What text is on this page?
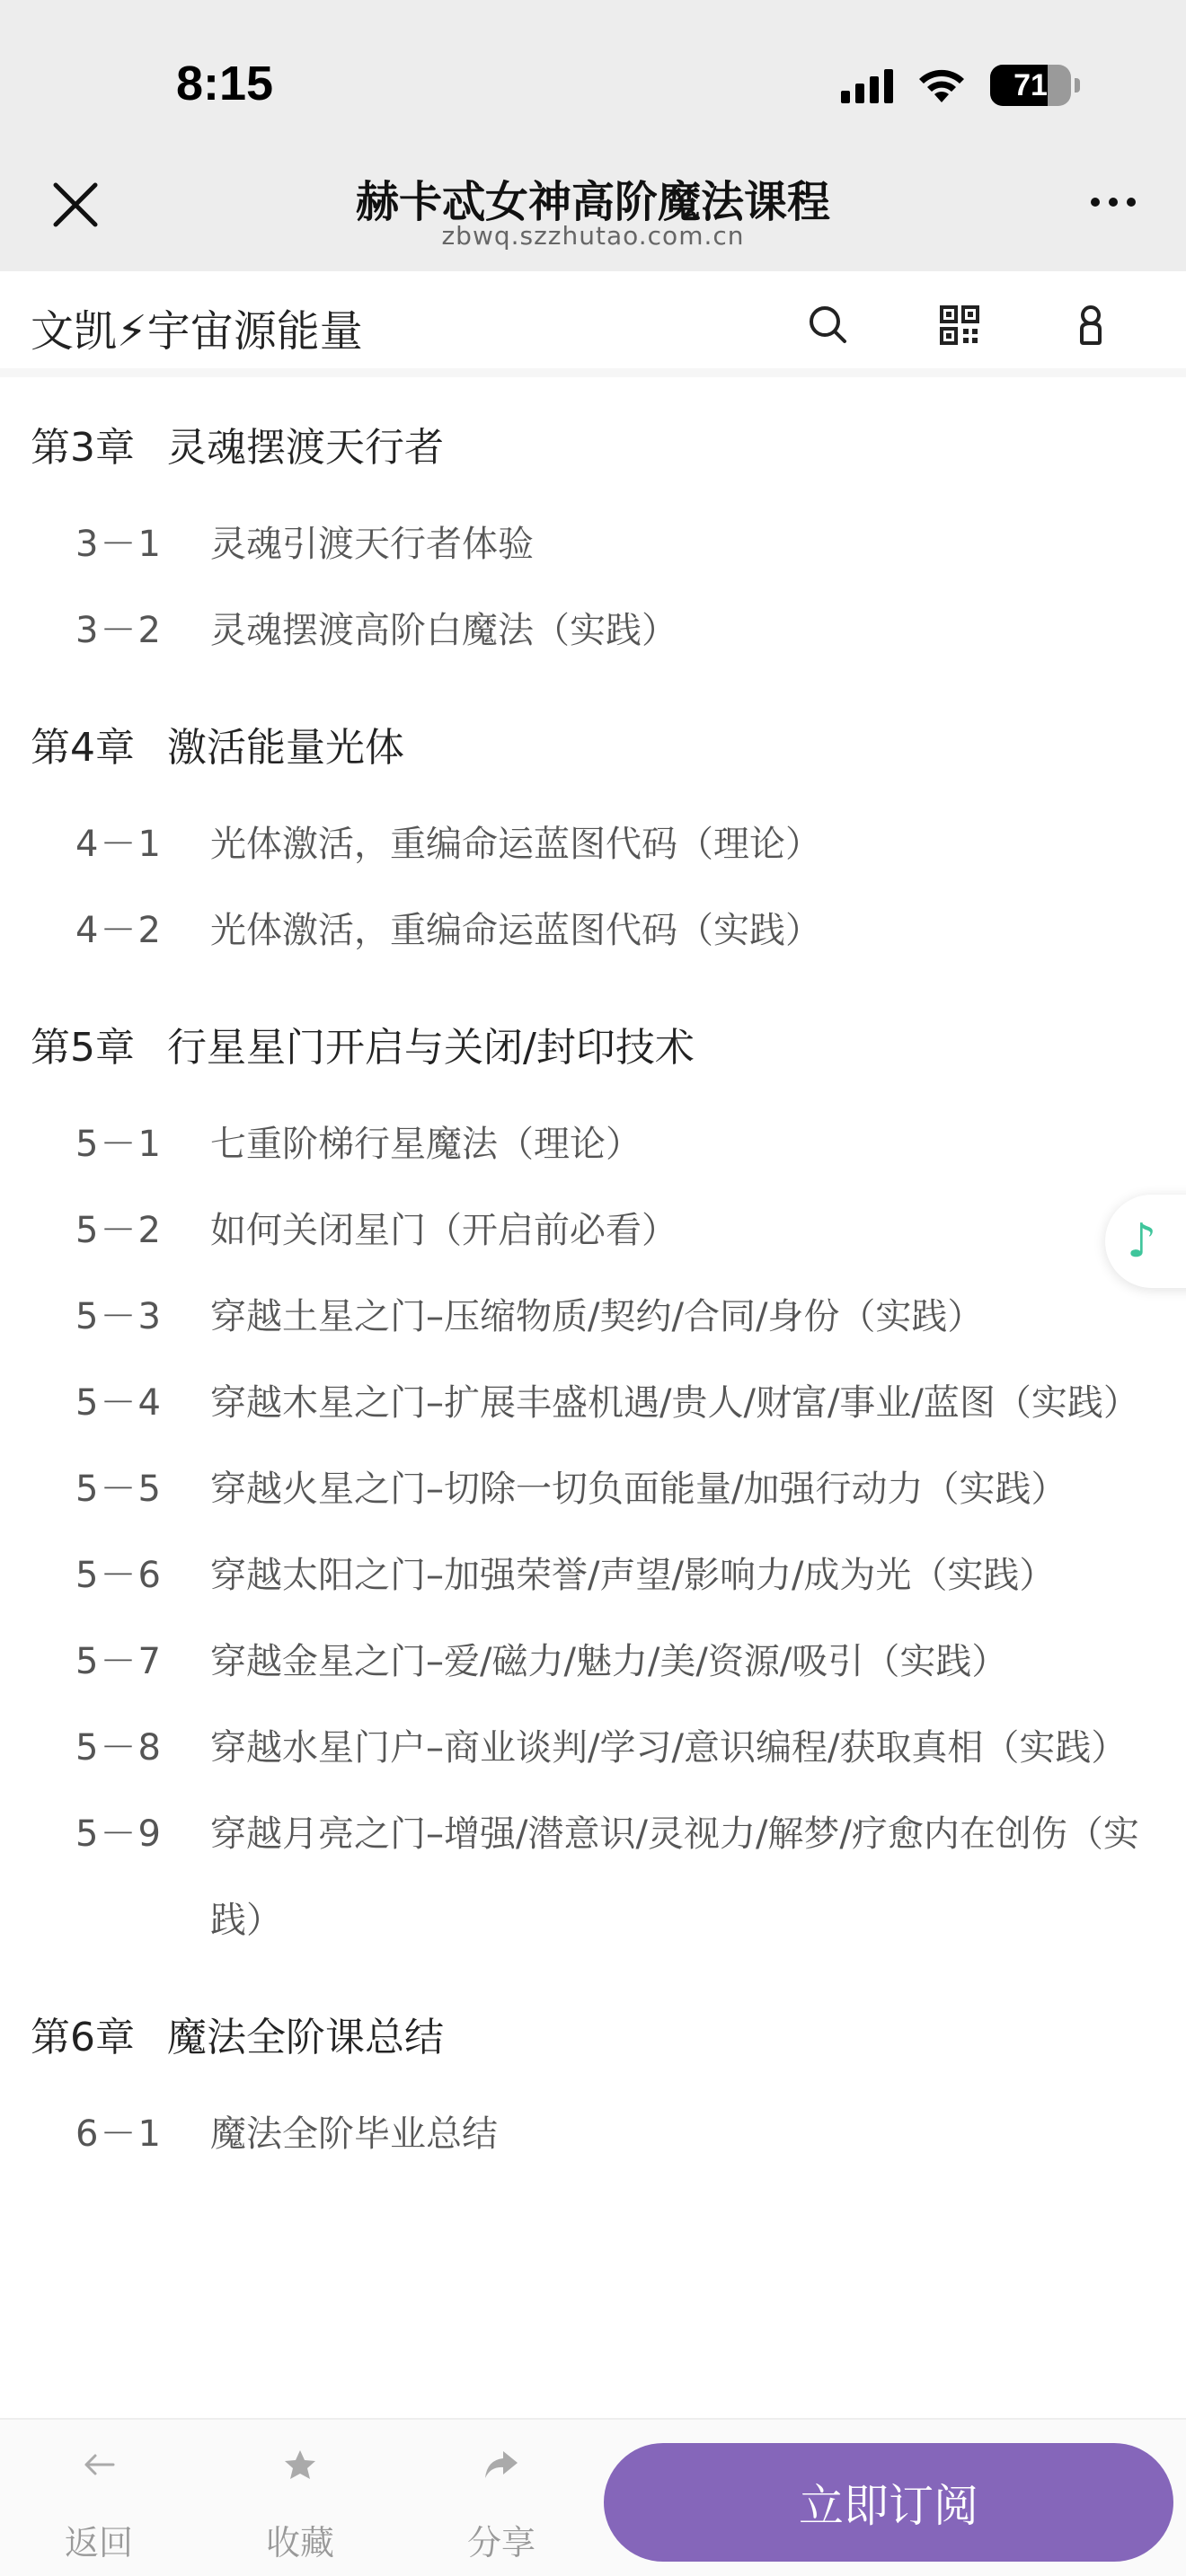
8:15	71
赫卡忒女神高阶魔法课程
zbwq.szzhutao.com.cn
文凯⚡宇宙源能量
第3章 灵魂摆渡天行者
3－1	灵魂引渡天行者体验
3－2	灵魂摆渡高阶白魔法（实践）
第4章 激活能量光体
4－1	光体激活，重编命运蓝图代码（理论）
4－2	光体激活，重编命运蓝图代码（实践）
第5章 行星星门开启与关闭/封印技术
5－1	七重阶梯行星魔法（理论）
5－2	如何关闭星门（开启前必看）
5－3	穿越土星之门–压缩物质/契约/合同/身份（实践）
5－4	穿越木星之门–扩展丰盛机遇/贵人/财富/事业/蓝图（实践）
5－5	穿越火星之门–切除一切负面能量/加强行动力（实践）
5－6	穿越太阳之门–加强荣誉/声望/影响力/成为光（实践）
5－7	穿越金星之门–爱/磁力/魅力/美/资源/吸引（实践）
5－8	穿越水星门户–商业谈判/学习/意识编程/获取真相（实践）
5－9	穿越月亮之门–增强/潜意识/灵视力/解梦/疗愈内在创伤（实践）
第6章 魔法全阶课总结
6－1	魔法全阶毕业总结
♪
返回	收藏	分享
立即订阅
